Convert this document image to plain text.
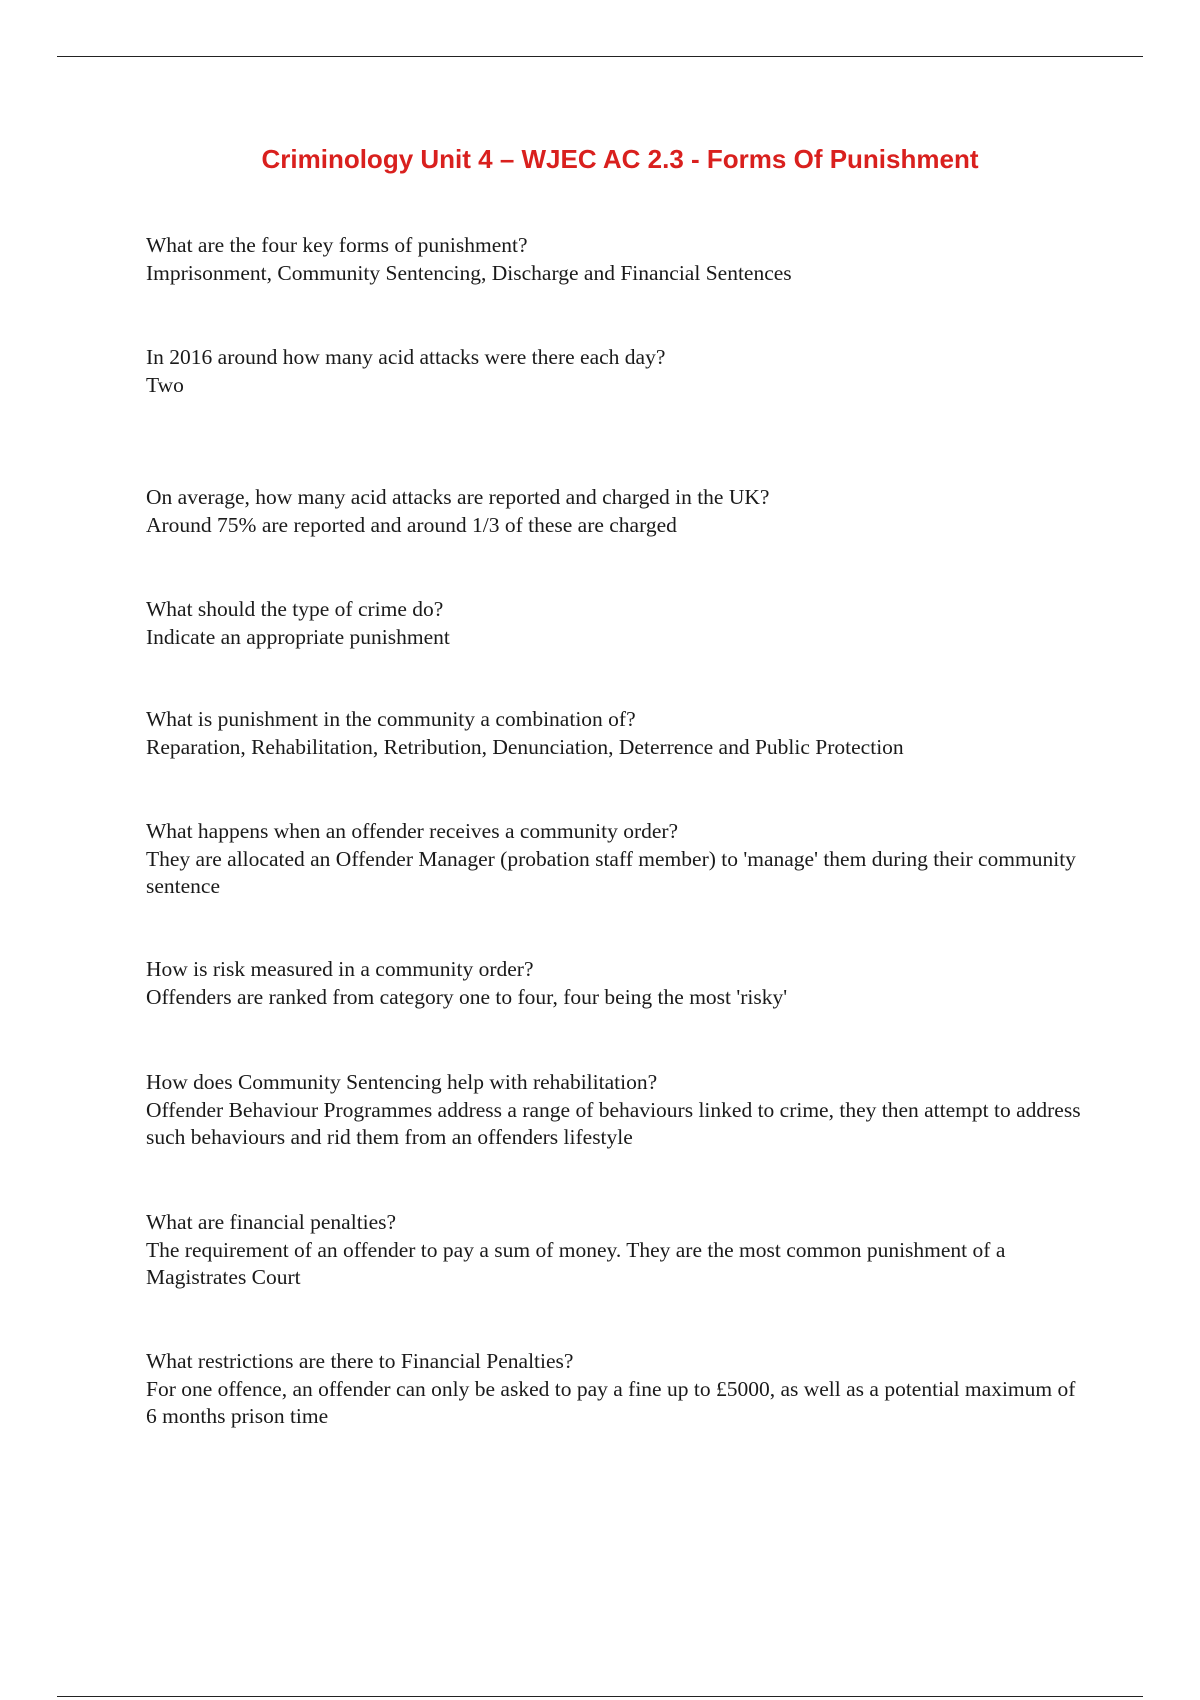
Criminology Unit 4 – WJEC AC 2.3 - Forms Of Punishment
What are the four key forms of punishment?
Imprisonment, Community Sentencing, Discharge and Financial Sentences
In 2016 around how many acid attacks were there each day?
Two
On average, how many acid attacks are reported and charged in the UK?
Around 75% are reported and around 1/3 of these are charged
What should the type of crime do?
Indicate an appropriate punishment
What is punishment in the community a combination of?
Reparation, Rehabilitation, Retribution, Denunciation, Deterrence and Public Protection
What happens when an offender receives a community order?
They are allocated an Offender Manager (probation staff member) to 'manage' them during their community sentence
How is risk measured in a community order?
Offenders are ranked from category one to four, four being the most 'risky'
How does Community Sentencing help with rehabilitation?
Offender Behaviour Programmes address a range of behaviours linked to crime, they then attempt to address such behaviours and rid them from an offenders lifestyle
What are financial penalties?
The requirement of an offender to pay a sum of money. They are the most common punishment of a Magistrates Court
What restrictions are there to Financial Penalties?
For one offence, an offender can only be asked to pay a fine up to £5000, as well as a potential maximum of 6 months prison time
